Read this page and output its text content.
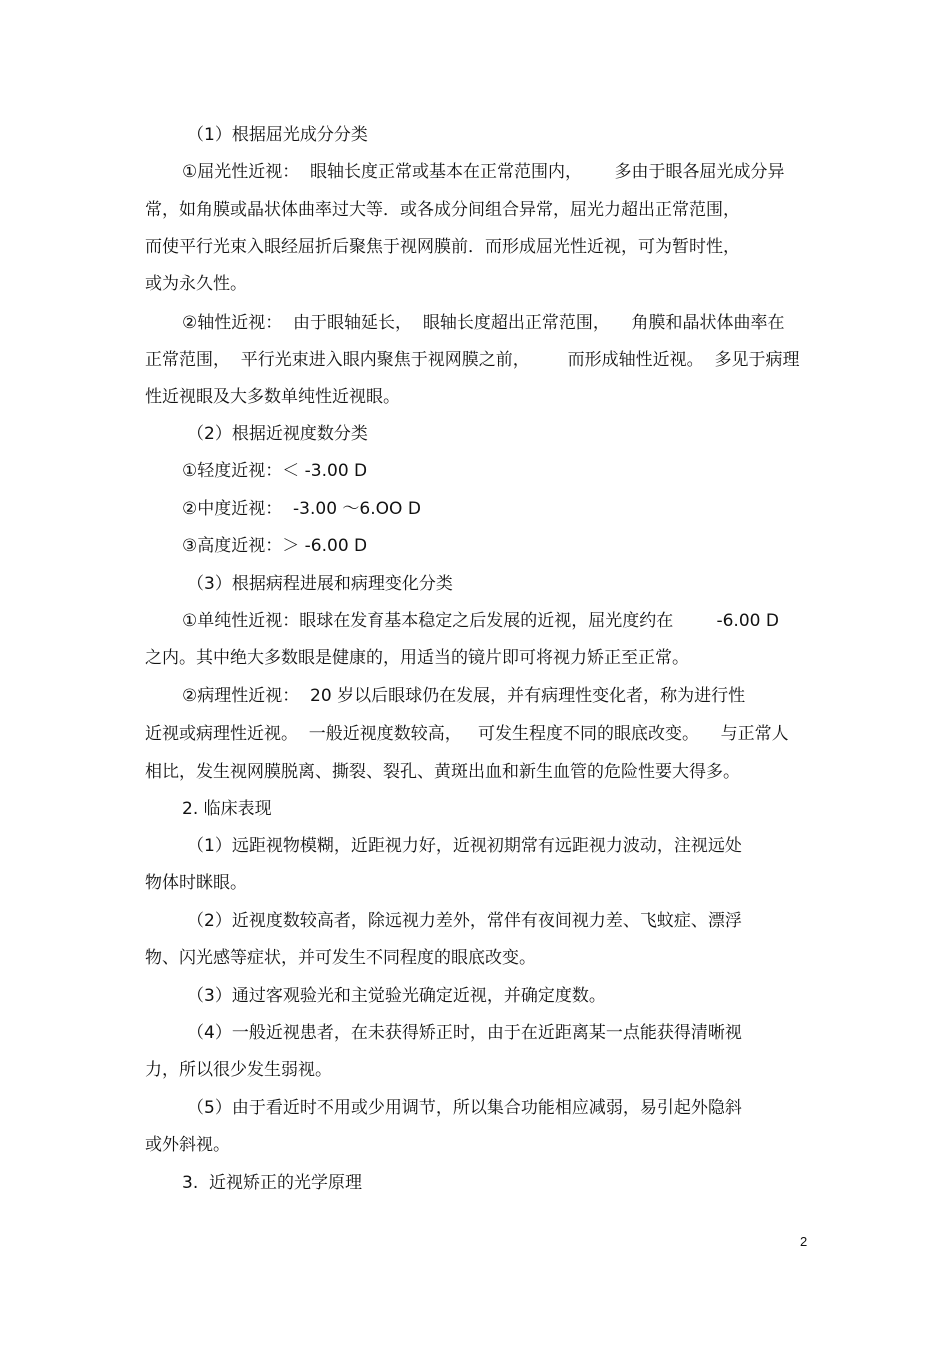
（1）根据屈光成分分类
①屈光性近视：  眼轴长度正常或基本在正常范围内，      多由于眼各屈光成分异
常，如角膜或晶状体曲率过大等．或各成分间组合异常，屈光力超出正常范围，
而使平行光束入眼经屈折后聚焦于视网膜前．而形成屈光性近视，可为暂时性，
或为永久性。
②轴性近视：  由于眼轴延长，  眼轴长度超出正常范围，    角膜和晶状体曲率在
正常范围，  平行光束进入眼内聚焦于视网膜之前，       而形成轴性近视。  多见于病理
性近视眼及大多数单纯性近视眼。
（2）根据近视度数分类
①轻度近视：＜ -3.00 D
②中度近视：  -3.00 ～6.OO D
③高度近视：＞ -6.00 D
（3）根据病程进展和病理变化分类
①单纯性近视：眼球在发育基本稳定之后发展的近视，屈光度约在        -6.00 D
之内。其中绝大多数眼是健康的，用适当的镜片即可将视力矫正至正常。
②病理性近视：  20 岁以后眼球仍在发展，并有病理性变化者，称为进行性
近视或病理性近视。  一般近视度数较高，   可发生程度不同的眼底改变。    与正常人
相比，发生视网膜脱离、撕裂、裂孔、黄斑出血和新生血管的危险性要大得多。
2. 临床表现
（1）远距视物模糊，近距视力好，近视初期常有远距视力波动，注视远处
物体时眯眼。
（2）近视度数较高者，除远视力差外，常伴有夜间视力差、飞蚊症、漂浮
物、闪光感等症状，并可发生不同程度的眼底改变。
（3）通过客观验光和主觉验光确定近视，并确定度数。
（4）一般近视患者，在未获得矫正时，由于在近距离某一点能获得清晰视
力，所以很少发生弱视。
（5）由于看近时不用或少用调节，所以集合功能相应减弱，易引起外隐斜
或外斜视。
3.  近视矫正的光学原理
2
